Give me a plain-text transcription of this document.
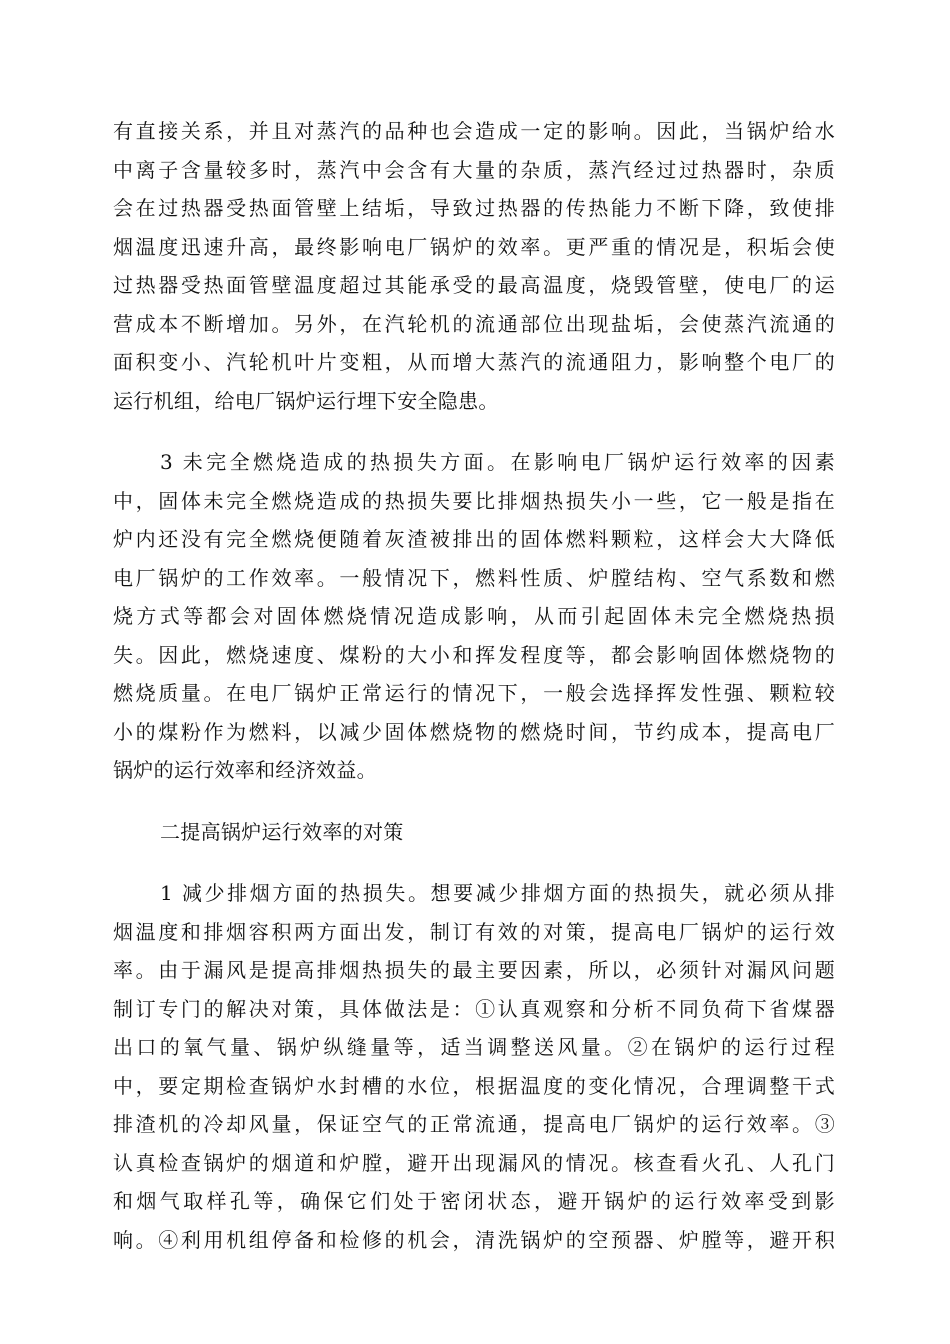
有直接关系，并且对蒸汽的品种也会造成一定的影响。因此，当锅炉给水
中离子含量较多时，蒸汽中会含有大量的杂质，蒸汽经过过热器时，杂质
会在过热器受热面管壁上结垢，导致过热器的传热能力不断下降，致使排
烟温度迅速升高，最终影响电厂锅炉的效率。更严重的情况是，积垢会使
过热器受热面管壁温度超过其能承受的最高温度，烧毁管壁，使电厂的运
营成本不断增加。另外，在汽轮机的流通部位出现盐垢，会使蒸汽流通的
面积变小、汽轮机叶片变粗，从而增大蒸汽的流通阻力，影响整个电厂的
运行机组，给电厂锅炉运行埋下安全隐患。
3 未完全燃烧造成的热损失方面。在影响电厂锅炉运行效率的因素
中，固体未完全燃烧造成的热损失要比排烟热损失小一些，它一般是指在
炉内还没有完全燃烧便随着灰渣被排出的固体燃料颗粒，这样会大大降低
电厂锅炉的工作效率。一般情况下，燃料性质、炉膛结构、空气系数和燃
烧方式等都会对固体燃烧情况造成影响，从而引起固体未完全燃烧热损
失。因此，燃烧速度、煤粉的大小和挥发程度等，都会影响固体燃烧物的
燃烧质量。在电厂锅炉正常运行的情况下，一般会选择挥发性强、颗粒较
小的煤粉作为燃料，以减少固体燃烧物的燃烧时间，节约成本，提高电厂
锅炉的运行效率和经济效益。
二提高锅炉运行效率的对策
1 减少排烟方面的热损失。想要减少排烟方面的热损失，就必须从排
烟温度和排烟容积两方面出发，制订有效的对策，提高电厂锅炉的运行效
率。由于漏风是提高排烟热损失的最主要因素，所以，必须针对漏风问题
制订专门的解决对策，具体做法是：①认真观察和分析不同负荷下省煤器
出口的氧气量、锅炉纵缝量等，适当调整送风量。②在锅炉的运行过程
中，要定期检查锅炉水封槽的水位，根据温度的变化情况，合理调整干式
排渣机的冷却风量，保证空气的正常流通，提高电厂锅炉的运行效率。③
认真检查锅炉的烟道和炉膛，避开出现漏风的情况。核查看火孔、人孔门
和烟气取样孔等，确保它们处于密闭状态，避开锅炉的运行效率受到影
响。④利用机组停备和检修的机会，清洗锅炉的空预器、炉膛等，避开积
